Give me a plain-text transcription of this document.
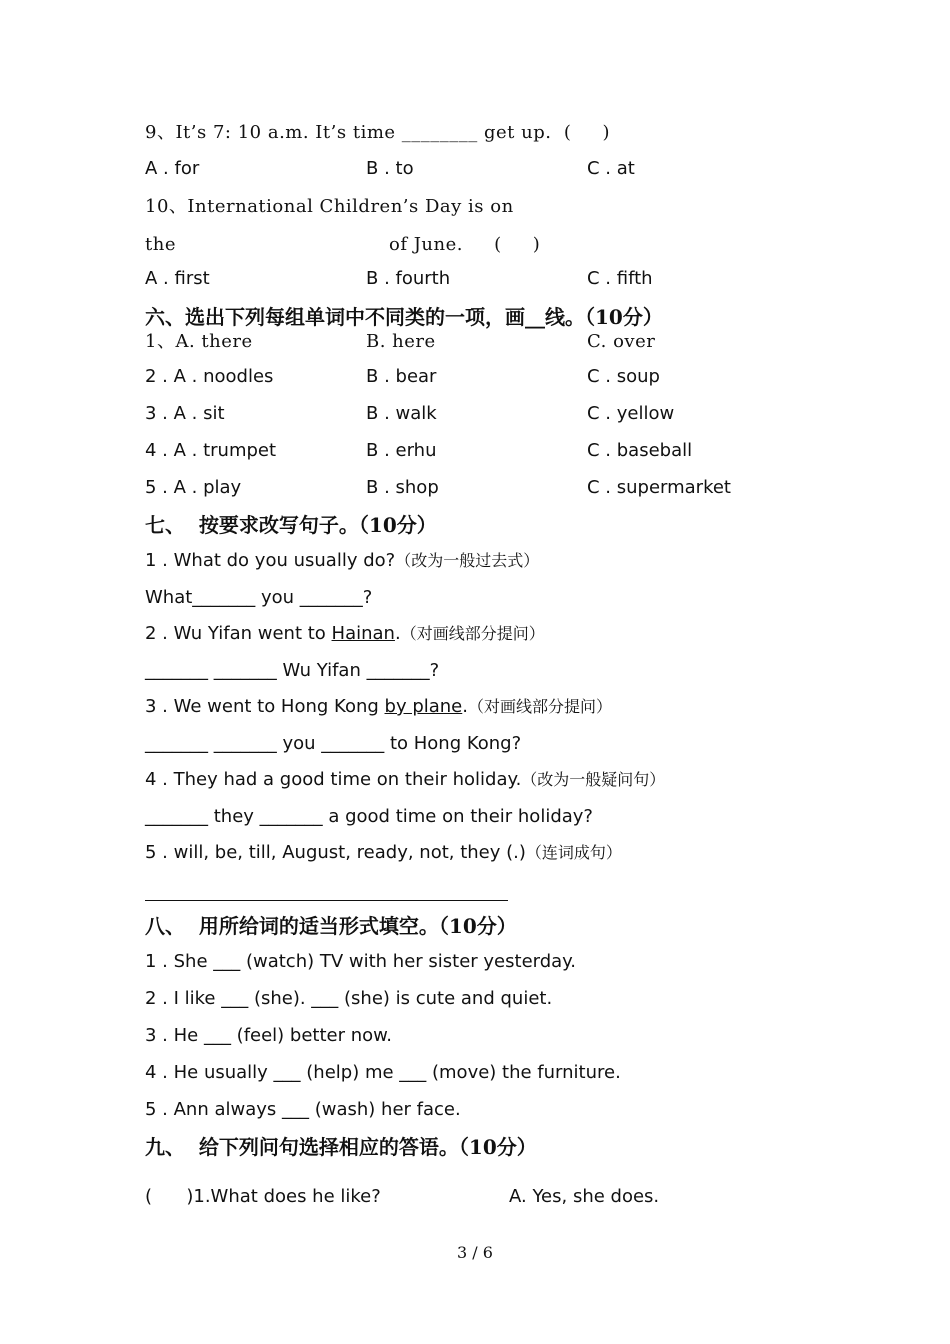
9、It’s 7: 10 a.m. It’s time ________ get up.  (     )
A . for	B . to	C . at
10、International Children’s Day is on
the	of June.     (     )
A . first	B . fourth	C . fifth
六、选出下列每组单词中不同类的一项，画__线。（10分）
1、A. there	B. here	C. over
2 . A . noodles	B . bear	C . soup
3 . A . sit	B . walk	C . yellow
4 . A . trumpet	B . erhu	C . baseball
5 . A . play	B . shop	C . supermarket
七、  按要求改写句子。（10分）
1 . What do you usually do?（改为一般过去式）
What_______ you _______?
2 . Wu Yifan went to Hainan.（对画线部分提问）
_______ _______ Wu Yifan _______?
3 . We went to Hong Kong by plane.（对画线部分提问）
_______ _______ you _______ to Hong Kong?
4 . They had a good time on their holiday.（改为一般疑问句）
_______ they _______ a good time on their holiday?
5 . will, be, till, August, ready, not, they (.)（连词成句）
八、  用所给词的适当形式填空。（10分）
1 . She ___ (watch) TV with her sister yesterday.
2 . I like ___ (she). ___ (she) is cute and quiet.
3 . He ___ (feel) better now.
4 . He usually ___ (help) me ___ (move) the furniture.
5 . Ann always ___ (wash) her face.
九、  给下列问句选择相应的答语。（10分）
(      )1.What does he like?	A. Yes, she does.
3 / 6
